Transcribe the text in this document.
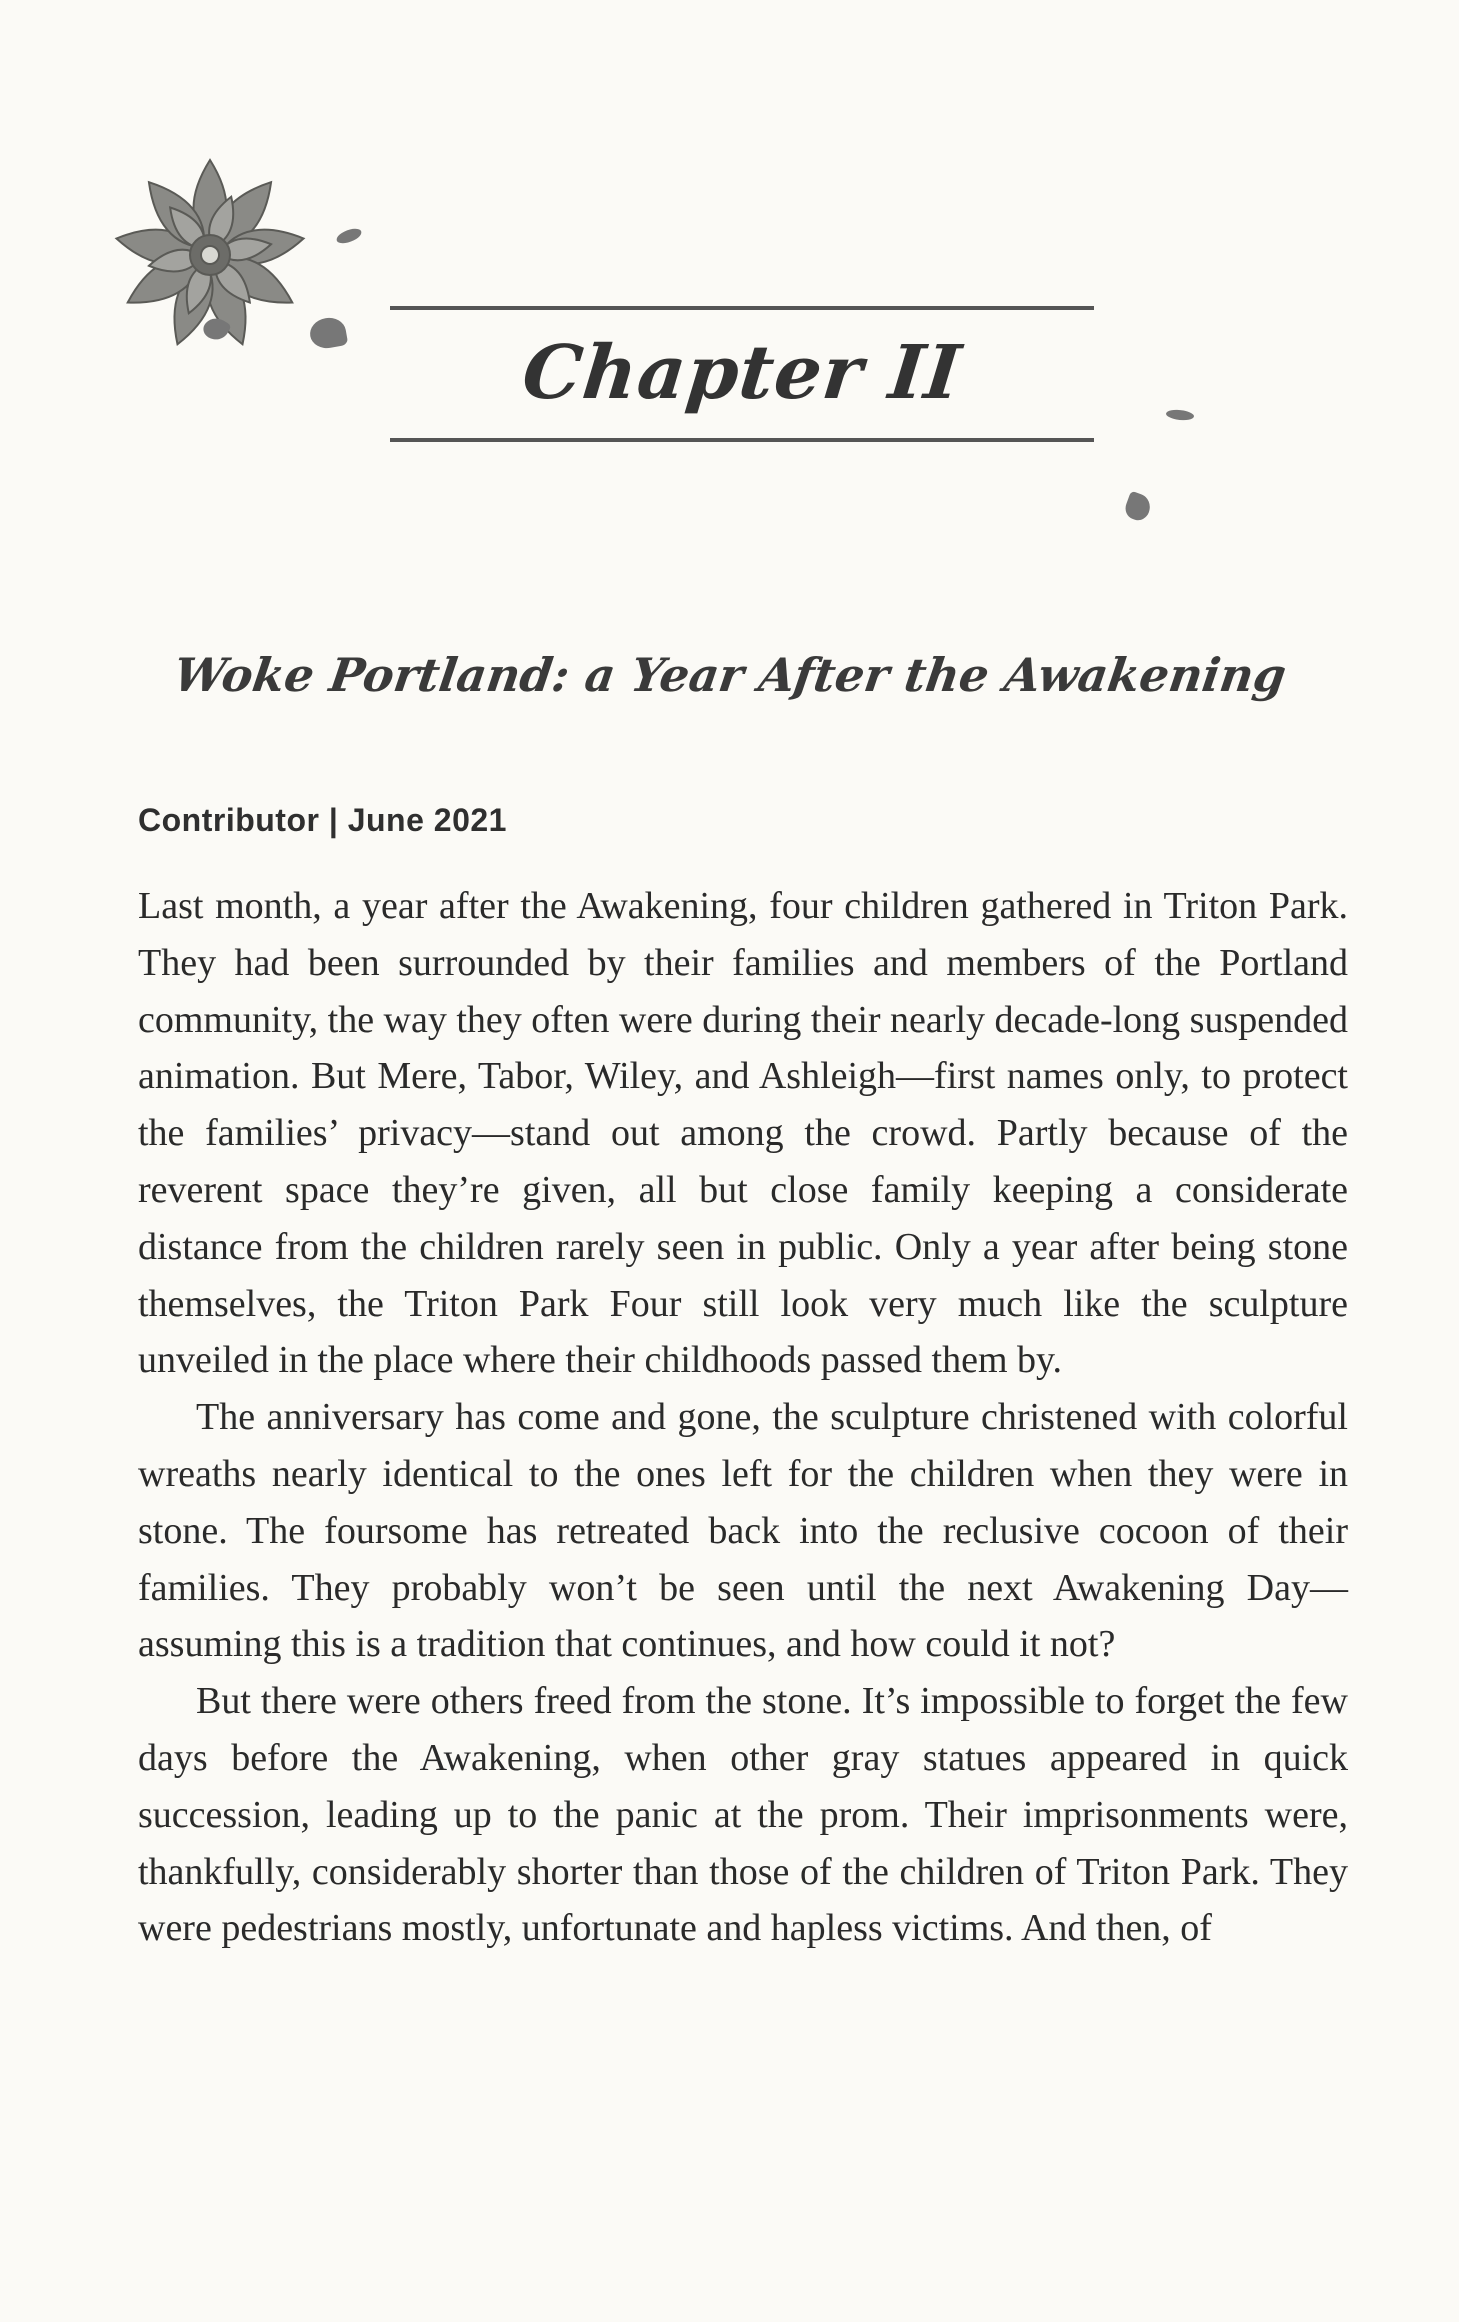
Chapter II
Woke Portland: a Year After the Awakening
Contributor | June 2021

Last month, a year after the Awakening, four children gathered in Triton Park. They had been surrounded by their families and members of the Portland community, the way they often were during their nearly decade-long suspended animation. But Mere, Tabor, Wiley, and Ashleigh—first names only, to protect the families’ privacy—stand out among the crowd. Partly because of the reverent space they’re given, all but close family keeping a considerate distance from the children rarely seen in public. Only a year after being stone themselves, the Triton Park Four still look very much like the sculpture unveiled in the place where their childhoods passed them by.

The anniversary has come and gone, the sculpture christened with colorful wreaths nearly identical to the ones left for the children when they were in stone. The foursome has retreated back into the reclusive cocoon of their families. They probably won’t be seen until the next Awakening Day—assuming this is a tradition that continues, and how could it not?

But there were others freed from the stone. It’s impossible to forget the few days before the Awakening, when other gray statues appeared in quick succession, leading up to the panic at the prom. Their imprisonments were, thankfully, considerably shorter than those of the children of Triton Park. They were pedestrians mostly, unfortunate and hapless victims. And then, of
